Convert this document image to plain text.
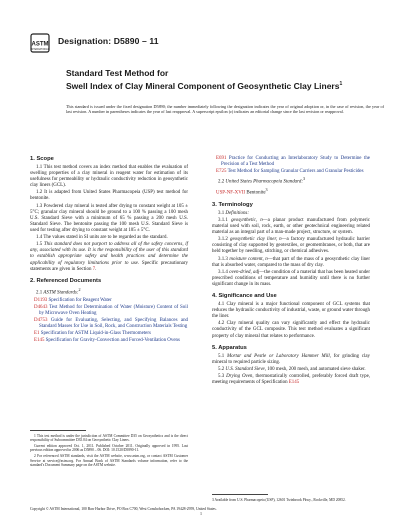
ASTM
INTERNATIONAL
Designation: D5890 – 11
Standard Test Method for
Swell Index of Clay Mineral Component of Geosynthetic Clay Liners$^1$
This standard is issued under the fixed designation D5890; the number immediately following the designation indicates the year of original adoption or, in the case of revision, the year of last revision. A number in parentheses indicates the year of last reapproval. A superscript epsilon (ε) indicates an editorial change since the last revision or reapproval.
1. Scope

1.1 This test method covers an index method that enables the evaluation of swelling properties of a clay mineral in reagent water for estimation of its usefulness for permeability or hydraulic conductivity reduction in geosynthetic clay liners (GCL).

1.2 It is adapted from United States Pharmacopeia (USP) test method for bentonite.

1.3 Powdered clay mineral is tested after drying to constant weight at 105 ± 5°C; granular clay mineral should be ground to a 100 % passing a 100 mesh U.S. Standard Sieve with a minimum of 65 % passing a 200 mesh U.S. Standard Sieve. The bentonite passing the 100 mesh U.S. Standard Sieve is used for testing after drying to constant weight at 105 ± 5°C.

1.4 The values stated in SI units are to be regarded as the standard.

1.5 This standard does not purport to address all of the safety concerns, if any, associated with its use. It is the responsibility of the user of this standard to establish appropriate safety and health practices and determine the applicability of regulatory limitations prior to use. Specific precautionary statements are given in Section 7.

2. Referenced Documents

2.1 ASTM Standards:$^2$

D1193 Specification for Reagent Water
D4643 Test Method for Determination of Water (Moisture) Content of Soil by Microwave Oven Heating
D4753 Guide for Evaluating, Selecting, and Specifying Balances and Standard Masses for Use in Soil, Rock, and Construction Materials Testing
E1 Specification for ASTM Liquid-in-Glass Thermometers
E145 Specification for Gravity-Convection and Forced-Ventilation Ovens

1 This test method is under the jurisdiction of ASTM Committee D35 on Geosynthetics and is the direct responsibility of Subcommittee D35.04 on Geosynthetic Clay Liners.

Current edition approved Oct. 1, 2011. Published October 2011. Originally approved in 1995. Last previous edition approved in 2006 as D5890 – 06. DOI: 10.1520/D5890-11.

2 For referenced ASTM standards, visit the ASTM website, www.astm.org, or contact ASTM Customer Service at service@astm.org. For Annual Book of ASTM Standards volume information, refer to the standard's Document Summary page on the ASTM website.

E691 Practice for Conducting an Interlaboratory Study to Determine the Precision of a Test Method
E725 Test Method for Sampling Granular Carriers and Granular Pesticides

2.2 United States Pharmacopeia Standard:$^3$

USP-NF-XVII Bentonite$^3$
3. Terminology

3.1 Definitions:

3.1.1 geosynthetic, n—a planar product manufactured from polymeric material used with soil, rock, earth, or other geotechnical engineering related material as an integral part of a man-made project, structure, or system.

3.1.2 geosynthetic clay liner, n—a factory manufactured hydraulic barrier consisting of clay supported by geotextiles, or geomembranes, or both, that are held together by needling, stitching, or chemical adhesives.

3.1.3 moisture content, n—that part of the mass of a geosynthetic clay liner that is absorbed water, compared to the mass of dry clay.

3.1.4 oven-dried, adj—the condition of a material that has been heated under prescribed conditions of temperature and humidity until there is no further significant change in its mass.

4. Significance and Use

4.1 Clay mineral is a major functional component of GCL systems that reduces the hydraulic conductivity of industrial, waste, or ground water through the liner.

4.2 Clay mineral quality can vary significantly and effect the hydraulic conductivity of the GCL composite. This test method evaluates a significant property of clay mineral that relates to performance.

5. Apparatus

5.1 Mortar and Pestle or Laboratory Hammer Mill, for grinding clay mineral to required particle sizing.

5.2 U.S. Standard Sieve, 100 mesh, 200 mesh, and automated sieve shaker.

5.3 Drying Oven, thermostatically controlled, preferably forced draft type, meeting requirements of Specification E145

3 Available from U.S. Pharmacopeia (USP), 12601 Twinbrook Pkwy., Rockville, MD 20852.
Copyright © ASTM International, 100 Barr Harbor Drive, PO Box C700, West Conshohocken, PA 19428-2959, United States.
1
